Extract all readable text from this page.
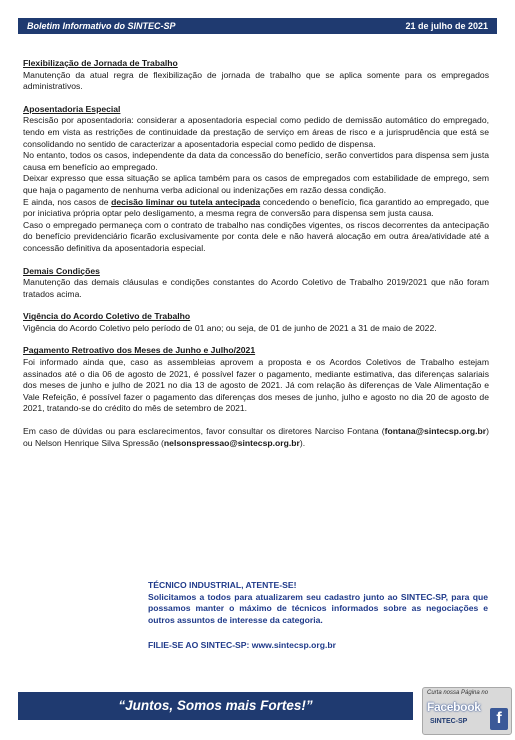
Boletim Informativo do SINTEC-SP	21 de julho de 2021

Flexibilização de Jornada de Trabalho

Manutenção da atual regra de flexibilização de jornada de trabalho que se aplica somente para os empregados administrativos.

Aposentadoria Especial

Rescisão por aposentadoria: considerar a aposentadoria especial como pedido de demissão automático do empregado, tendo em vista as restrições de continuidade da prestação de serviço em áreas de risco e a jurisprudência que está se consolidando no sentido de caracterizar a aposentadoria especial como pedido de dispensa.

No entanto, todos os casos, independente da data da concessão do benefício, serão convertidos para dispensa sem justa causa em benefício ao empregado.

Deixar expresso que essa situação se aplica também para os casos de empregados com estabilidade de emprego, sem que haja o pagamento de nenhuma verba adicional ou indenizações em razão dessa condição.

E ainda, nos casos de decisão liminar ou tutela antecipada concedendo o benefício, fica garantido ao empregado, que por iniciativa própria optar pelo desligamento, a mesma regra de conversão para dispensa sem justa causa.

Caso o empregado permaneça com o contrato de trabalho nas condições vigentes, os riscos decorrentes da antecipação do benefício previdenciário ficarão exclusivamente por conta dele e não haverá alocação em outra área/atividade até a concessão definitiva da aposentadoria especial.

Demais Condições

Manutenção das demais cláusulas e condições constantes do Acordo Coletivo de Trabalho 2019/2021 que não foram tratados acima.

Vigência do Acordo Coletivo de Trabalho

Vigência do Acordo Coletivo pelo período de 01 ano; ou seja, de 01 de junho de 2021 a 31 de maio de 2022.

Pagamento Retroativo dos Meses de Junho e Julho/2021

Foi informado ainda que, caso as assembleias aprovem a proposta e os Acordos Coletivos de Trabalho estejam assinados até o dia 06 de agosto de 2021, é possível fazer o pagamento, mediante estimativa, das diferenças salariais dos meses de junho e julho de 2021 no dia 13 de agosto de 2021. Já com relação às diferenças de Vale Alimentação e Vale Refeição, é possível fazer o pagamento das diferenças dos meses de junho, julho e agosto no dia 20 de agosto de 2021, tratando-se do crédito do mês de setembro de 2021.

Em caso de dúvidas ou para esclarecimentos, favor consultar os diretores Narciso Fontana (fontana@sintecsp.org.br) ou Nelson Henrique Silva Spressão (nelsonspressao@sintecsp.org.br).

TÉCNICO INDUSTRIAL, ATENTE-SE!

Solicitamos a todos para atualizarem seu cadastro junto ao SINTEC-SP, para que possamos manter o máximo de técnicos informados sobre as negociações e outros assuntos de interesse da categoria.

FILIE-SE AO SINTEC-SP: www.sintecsp.org.br

“Juntos, Somos mais Fortes!”
Curta nossa Página no
Facebook
SINTEC-SP	f
